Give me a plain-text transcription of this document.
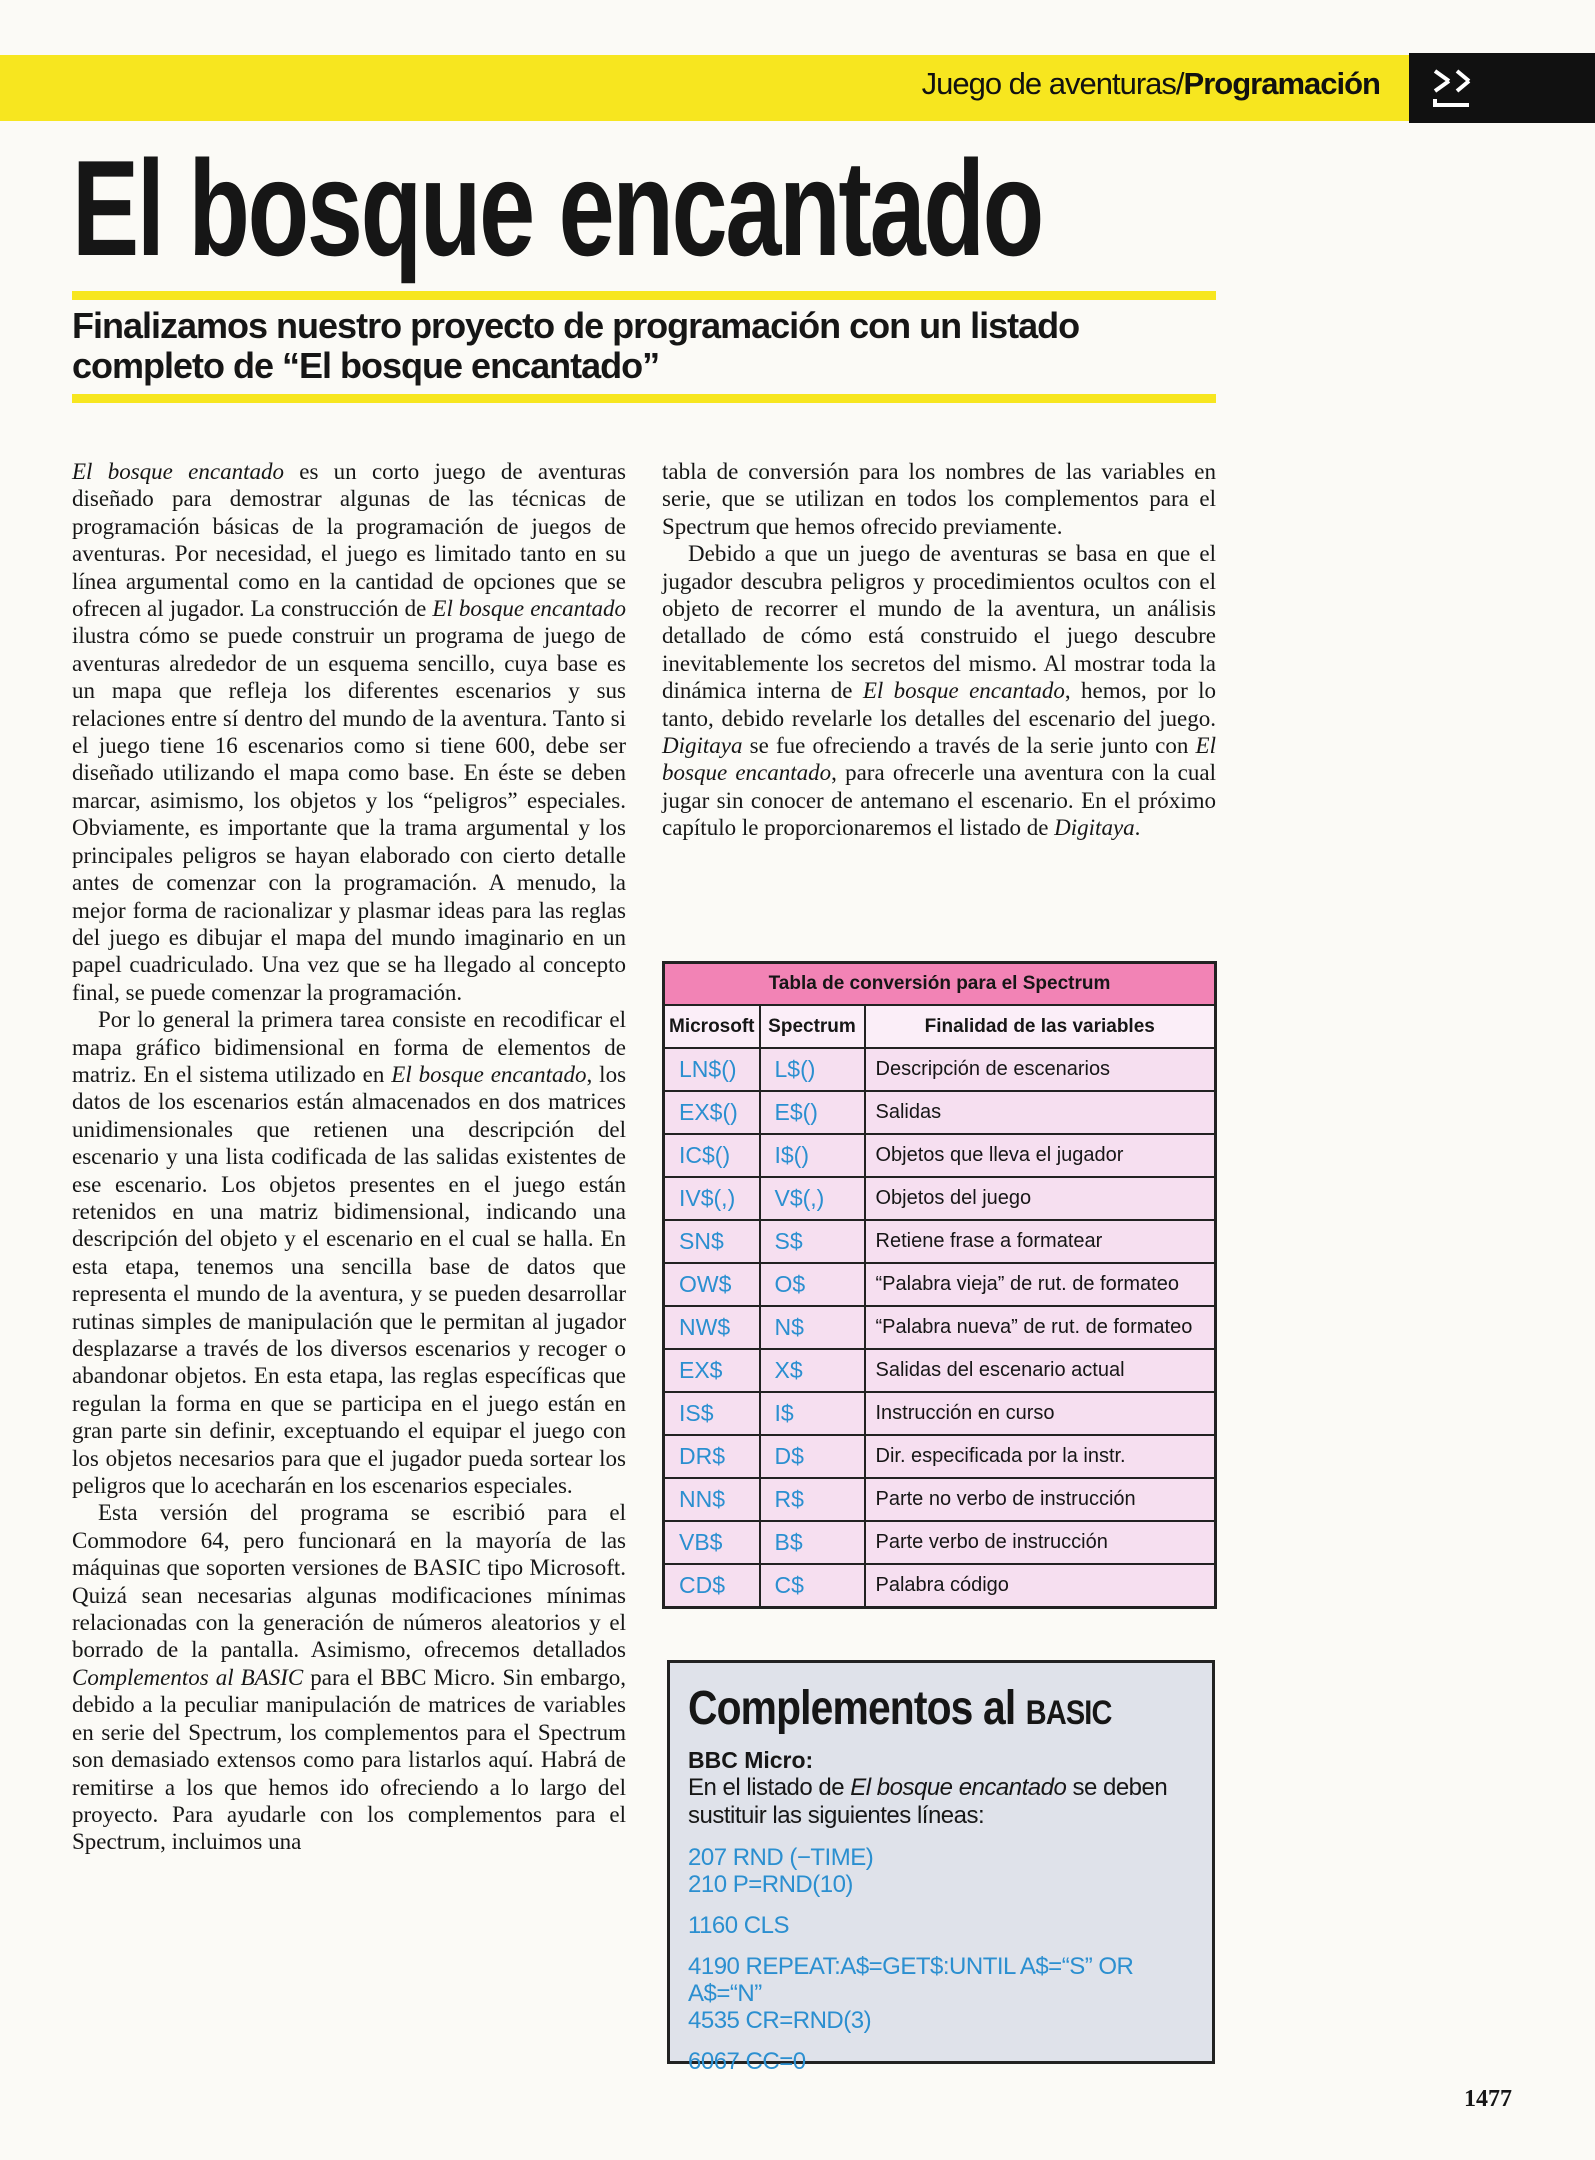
Juego de aventuras/Programación
El bosque encantado
Finalizamos nuestro proyecto de programación con un listado completo de “El bosque encantado”

El bosque encantado es un corto juego de aventuras diseñado para demostrar algunas de las técnicas de programación básicas de la programación de juegos de aventuras. Por necesidad, el juego es limitado tanto en su línea argumental como en la cantidad de opciones que se ofrecen al jugador. La construcción de El bosque encantado ilustra cómo se puede construir un programa de juego de aventuras alrededor de un esquema sencillo, cuya base es un mapa que refleja los diferentes escenarios y sus relaciones entre sí dentro del mundo de la aventura. Tanto si el juego tiene 16 escenarios como si tiene 600, debe ser diseñado utilizando el mapa como base. En éste se deben marcar, asimismo, los objetos y los “peligros” especiales. Obviamente, es importante que la trama argumental y los principales peligros se hayan elaborado con cierto detalle antes de comenzar con la programación. A menudo, la mejor forma de racionalizar y plasmar ideas para las reglas del juego es dibujar el mapa del mundo imaginario en un papel cuadriculado. Una vez que se ha llegado al concepto final, se puede comenzar la programación.

Por lo general la primera tarea consiste en recodificar el mapa gráfico bidimensional en forma de elementos de matriz. En el sistema utilizado en El bosque encantado, los datos de los escenarios están almacenados en dos matrices unidimensionales que retienen una descripción del escenario y una lista codificada de las salidas existentes de ese escenario. Los objetos presentes en el juego están retenidos en una matriz bidimensional, indicando una descripción del objeto y el escenario en el cual se halla. En esta etapa, tenemos una sencilla base de datos que representa el mundo de la aventura, y se pueden desarrollar rutinas simples de manipulación que le permitan al jugador desplazarse a través de los diversos escenarios y recoger o abandonar objetos. En esta etapa, las reglas específicas que regulan la forma en que se participa en el juego están en gran parte sin definir, exceptuando el equipar el juego con los objetos necesarios para que el jugador pueda sortear los peligros que lo acecharán en los escenarios especiales.

Esta versión del programa se escribió para el Commodore 64, pero funcionará en la mayoría de las máquinas que soporten versiones de BASIC tipo Microsoft. Quizá sean necesarias algunas modificaciones mínimas relacionadas con la generación de números aleatorios y el borrado de la pantalla. Asimismo, ofrecemos detallados Complementos al BASIC para el BBC Micro. Sin embargo, debido a la peculiar manipulación de matrices de variables en serie del Spectrum, los complementos para el Spectrum son demasiado extensos como para listarlos aquí. Habrá de remitirse a los que hemos ido ofreciendo a lo largo del proyecto. Para ayudarle con los complementos para el Spectrum, incluimos una

tabla de conversión para los nombres de las variables en serie, que se utilizan en todos los complementos para el Spectrum que hemos ofrecido previamente.

Debido a que un juego de aventuras se basa en que el jugador descubra peligros y procedimientos ocultos con el objeto de recorrer el mundo de la aventura, un análisis detallado de cómo está construido el juego descubre inevitablemente los secretos del mismo. Al mostrar toda la dinámica interna de El bosque encantado, hemos, por lo tanto, debido revelarle los detalles del escenario del juego. Digitaya se fue ofreciendo a través de la serie junto con El bosque encantado, para ofrecerle una aventura con la cual jugar sin conocer de antemano el escenario. En el próximo capítulo le proporcionaremos el listado de Digitaya.

Tabla de conversión para el Spectrum		
Microsoft	Spectrum	Finalidad de las variables
LN$()	L$()	Descripción de escenarios
EX$()	E$()	Salidas
IC$()	I$()	Objetos que lleva el jugador
IV$(,)	V$(,)	Objetos del juego
SN$	S$	Retiene frase a formatear
OW$	O$	“Palabra vieja” de rut. de formateo
NW$	N$	“Palabra nueva” de rut. de formateo
EX$	X$	Salidas del escenario actual
IS$	I$	Instrucción en curso
DR$	D$	Dir. especificada por la instr.
NN$	R$	Parte no verbo de instrucción
VB$	B$	Parte verbo de instrucción
CD$	C$	Palabra código
Complementos al BASIC
BBC Micro:
En el listado de El bosque encantado se deben sustituir las siguientes líneas:
207 RND (−TIME)
210 P=RND(10)
1160 CLS
4190 REPEAT:A$=GET$:UNTIL A$=“S” OR A$=“N”
4535 CR=RND(3)
6067 CC=0
1477
